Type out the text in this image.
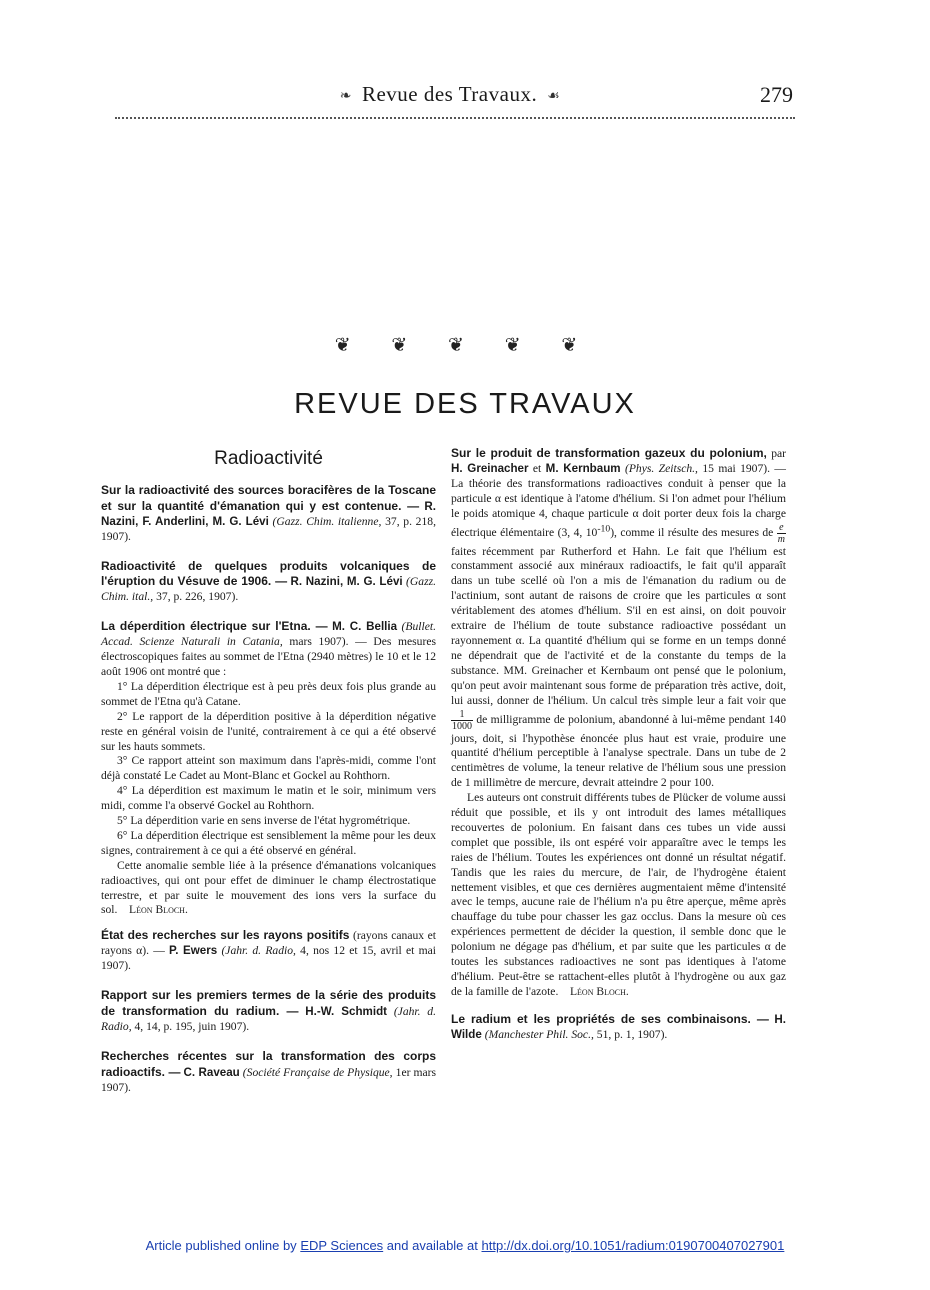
❧ Revue des Travaux. ☙	279
❦ ❦ ❦ ❦ ❦
REVUE DES TRAVAUX
Radioactivité
Sur la radioactivité des sources boracifères de la Toscane et sur la quantité d'émanation qui y est contenue. — R. Nazini, F. Anderlini, M. G. Lévi (Gazz. Chim. italienne, 37, p. 218, 1907).
Radioactivité de quelques produits volcaniques de l'éruption du Vésuve de 1906. — R. Nazini, M. G. Lévi (Gazz. Chim. ital., 37, p. 226, 1907).

La déperdition électrique sur l'Etna. — M. C. Bellia (Bullet. Accad. Scienze Naturali in Catania, mars 1907). — Des mesures électroscopiques faites au sommet de l'Etna (2940 mètres) le 10 et le 12 août 1906 ont montré que :

1° La déperdition électrique est à peu près deux fois plus grande au sommet de l'Etna qu'à Catane.

2° Le rapport de la déperdition positive à la déperdition négative reste en général voisin de l'unité, contrairement à ce qui a été observé sur les hauts sommets.

3° Ce rapport atteint son maximum dans l'après-midi, comme l'ont déjà constaté Le Cadet au Mont-Blanc et Gockel au Rohthorn.

4° La déperdition est maximum le matin et le soir, minimum vers midi, comme l'a observé Gockel au Rohthorn.

5° La déperdition varie en sens inverse de l'état hygrométrique.

6° La déperdition électrique est sensiblement la même pour les deux signes, contrairement à ce qui a été observé en général.

Cette anomalie semble liée à la présence d'émanations volcaniques radioactives, qui ont pour effet de diminuer le champ électrostatique terrestre, et par suite le mouvement des ions vers la surface du sol. Léon Bloch.

État des recherches sur les rayons positifs (rayons canaux et rayons α). — P. Ewers (Jahr. d. Radio, 4, nos 12 et 15, avril et mai 1907).
Rapport sur les premiers termes de la série des produits de transformation du radium. — H.-W. Schmidt (Jahr. d. Radio, 4, 14, p. 195, juin 1907).
Recherches récentes sur la transformation des corps radioactifs. — C. Raveau (Société Française de Physique, 1er mars 1907).

Sur le produit de transformation gazeux du polonium, par H. Greinacher et M. Kernbaum (Phys. Zeitsch., 15 mai 1907). — La théorie des transformations radioactives conduit à penser que la particule α est identique à l'atome d'hélium. Si l'on admet pour l'hélium le poids atomique 4, chaque particule α doit porter deux fois la charge électrique élémentaire (3, 4, $10^{-10}$), comme il résulte des mesures de $\frac{e}{m}$
faites récemment par Rutherford et Hahn. Le fait que l'hélium est constamment associé aux minéraux radioactifs, le fait qu'il apparaît dans un tube scellé où l'on a mis de l'émanation du radium ou de l'actinium, sont autant de raisons de croire que les particules α sont véritablement des atomes d'hélium. S'il en est ainsi, on doit pouvoir extraire de l'hélium de toute substance radioactive possédant un rayonnement α. La quantité d'hélium qui se forme en un temps donné ne dépendrait que de l'activité et de la constante du temps de la substance. MM. Greinacher et Kernbaum ont pensé que le polonium, qu'on peut avoir maintenant sous forme de préparation très active, doit, lui aussi, donner de l'hélium. Un calcul très simple leur a fait voir que
$\frac{1}{1000}$ de milligramme de polonium, abandonné à lui-même pendant 140 jours, doit, si l'hypothèse énoncée plus haut est vraie, produire une quantité d'hélium perceptible à l'analyse spectrale. Dans un tube de 2 centimètres de volume, la teneur relative de l'hélium sous une pression de 1 millimètre de mercure, devrait atteindre 2 pour 100.

Les auteurs ont construit différents tubes de Plücker de volume aussi réduit que possible, et ils y ont introduit des lames métalliques recouvertes de polonium. En faisant dans ces tubes un vide aussi complet que possible, ils ont espéré voir apparaître avec le temps les raies de l'hélium. Toutes les expériences ont donné un résultat négatif. Tandis que les raies du mercure, de l'air, de l'hydrogène étaient nettement visibles, et que ces dernières augmentaient même d'intensité avec le temps, aucune raie de l'hélium n'a pu être aperçue, même après chauffage du tube pour chasser les gaz occlus. Dans la mesure où ces expériences permettent de décider la question, il semble donc que le polonium ne dégage pas d'hélium, et par suite que les particules α de toutes les substances radioactives ne sont pas identiques à l'atome d'hélium. Peut-être se rattachent-elles plutôt à l'hydrogène ou aux gaz de la famille de l'azote. Léon Bloch.

Le radium et les propriétés de ses combinaisons. — H. Wilde (Manchester Phil. Soc., 51, p. 1, 1907).
Article published online by EDP Sciences and available at http://dx.doi.org/10.1051/radium:0190700407027901
